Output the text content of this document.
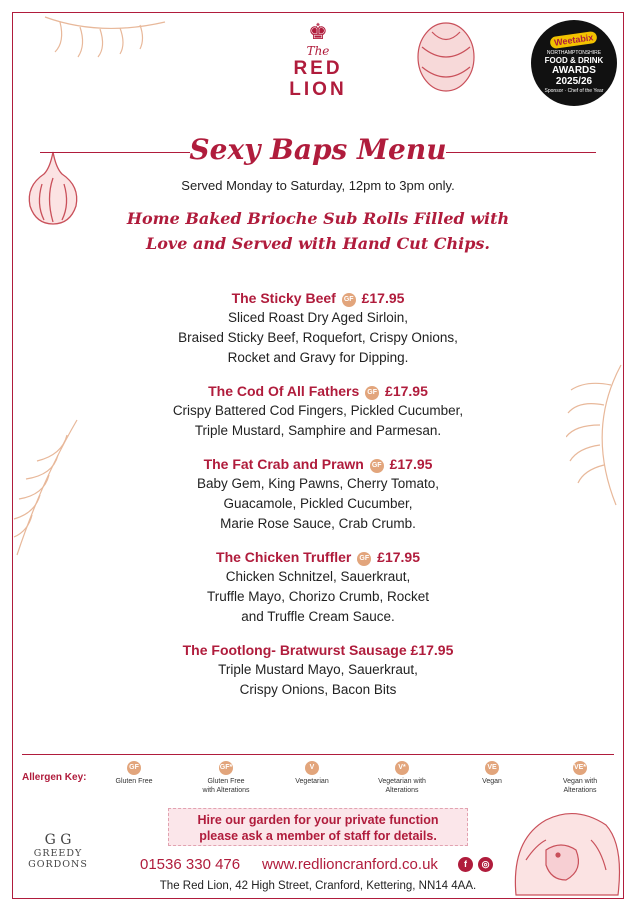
♚
The
RED
LION
Weetabix
NORTHAMPTONSHIRE
FOOD & DRINK
AWARDS
2025/26
Sponsor · Chef of the Year
Sexy Baps Menu
Served Monday to Saturday, 12pm to 3pm only.
Home Baked Brioche Sub Rolls Filled with
Love and Served with Hand Cut Chips.
The Sticky Beef GF £17.95
Sliced Roast Dry Aged Sirloin,
Braised Sticky Beef, Roquefort, Crispy Onions,
Rocket and Gravy for Dipping.
The Cod Of All Fathers GF £17.95
Crispy Battered Cod Fingers, Pickled Cucumber,
Triple Mustard, Samphire and Parmesan.
The Fat Crab and Prawn GF £17.95
Baby Gem, King Pawns, Cherry Tomato,
Guacamole, Pickled Cucumber,
Marie Rose Sauce, Crab Crumb.
The Chicken Truffler GF £17.95
Chicken Schnitzel, Sauerkraut,
Truffle Mayo, Chorizo Crumb, Rocket
and Truffle Cream Sauce.
The Footlong- Bratwurst Sausage £17.95
Triple Mustard Mayo, Sauerkraut,
Crispy Onions, Bacon Bits
Allergen Key:
GF
Gluten Free
GF*
Gluten Free
with Alterations
V
Vegetarian
V*
Vegetarian with
Alterations
VE
Vegan
VE*
Vegan with
Alterations
Hire our garden for your private function
please ask a member of staff for details.
01536 330 476 www.redlioncranford.co.uk	f	◎
The Red Lion, 42 High Street, Cranford, Kettering, NN14 4AA.
G G
GREEDY
GORDONS
